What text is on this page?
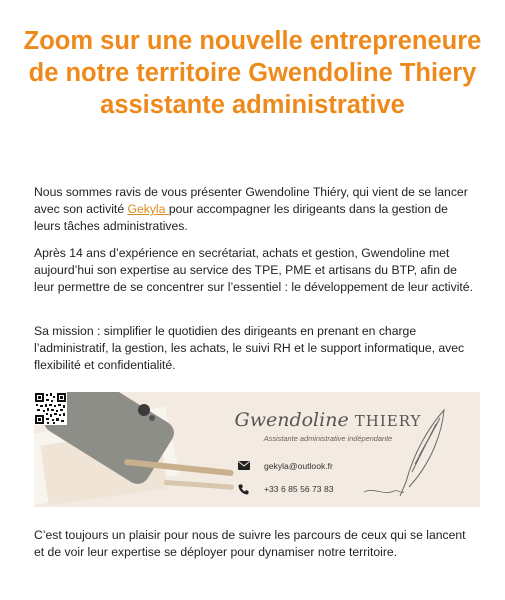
Zoom sur une nouvelle entrepreneure de notre territoire Gwendoline Thiery assistante administrative

Nous sommes ravis de vous présenter Gwendoline Thiéry, qui vient de se lancer avec son activité Gekyla pour accompagner les dirigeants dans la gestion de leurs tâches administratives.

Après 14 ans d’expérience en secrétariat, achats et gestion, Gwendoline met aujourd’hui son expertise au service des TPE, PME et artisans du BTP, afin de leur permettre de se concentrer sur l’essentiel : le développement de leur activité.

Sa mission : simplifier le quotidien des dirigeants en prenant en charge l’administratif, la gestion, les achats, le suivi RH et le support informatique, avec flexibilité et confidentialité.

Gwendoline THIERY
Assistante administrative indépendante
gekyla@outlook.fr
+33 6 85 56 73 83

C’est toujours un plaisir pour nous de suivre les parcours de ceux qui se lancent et de voir leur expertise se déployer pour dynamiser notre territoire.
